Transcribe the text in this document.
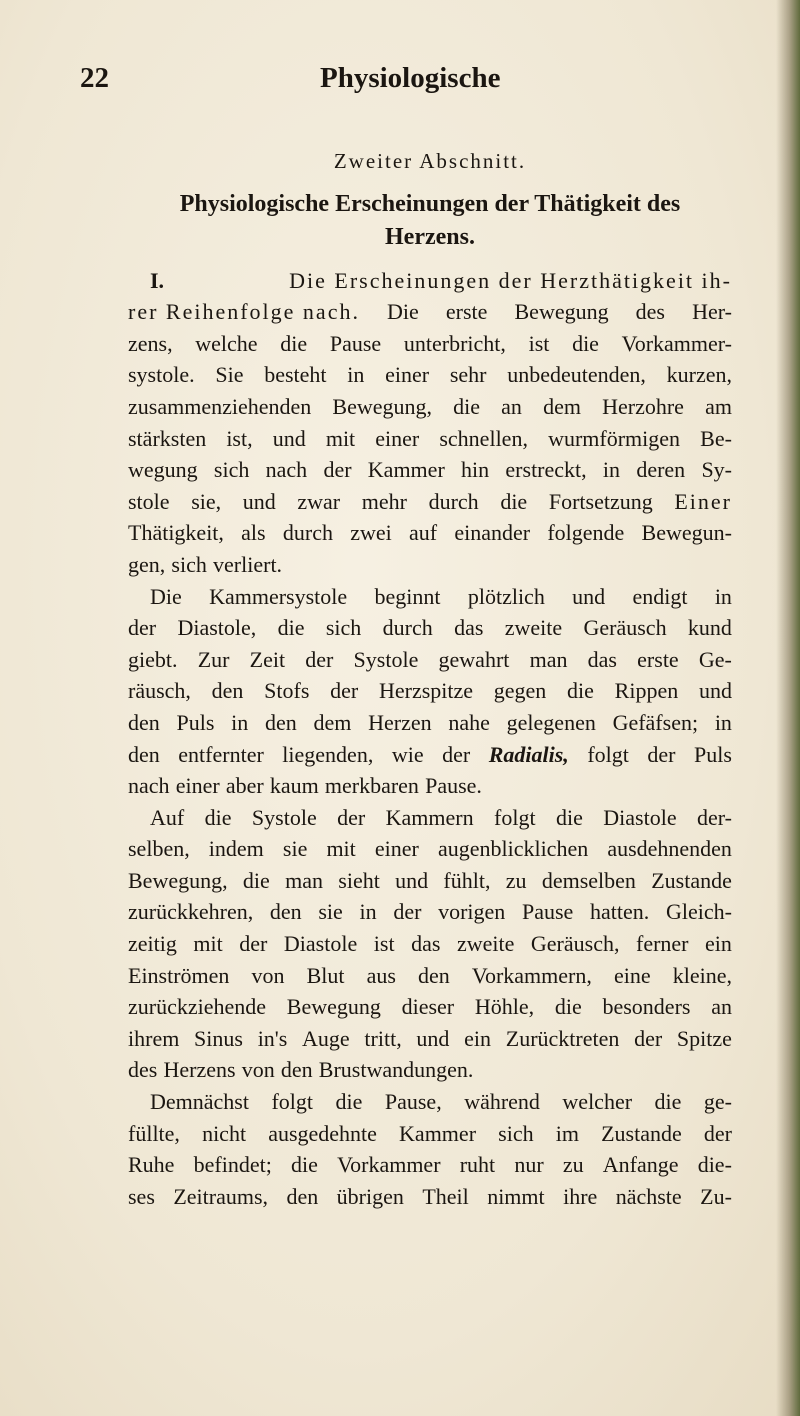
22	Physiologische

Zweiter Abschnitt.

Physiologische Erscheinungen der Thätigkeit des
Herzens.
I.	Die Erscheinungen der Herzthätigkeit ih-
rer Reihenfolge nach. Die erste Bewegung des Her-
zens, welche die Pause unterbricht, ist die Vorkammer-
systole. Sie besteht in einer sehr unbedeutenden, kurzen,
zusammenziehenden Bewegung, die an dem Herzohre am
stärksten ist, und mit einer schnellen, wurmförmigen Be-
wegung sich nach der Kammer hin erstreckt, in deren Sy-
stole sie, und zwar mehr durch die Fortsetzung Einer
Thätigkeit, als durch zwei auf einander folgende Bewegun-
gen, sich verliert.
Die Kammersystole beginnt plötzlich und endigt in
der Diastole, die sich durch das zweite Geräusch kund
giebt. Zur Zeit der Systole gewahrt man das erste Ge-
räusch, den Stofs der Herzspitze gegen die Rippen und
den Puls in den dem Herzen nahe gelegenen Gefäfsen; in
den entfernter liegenden, wie der Radialis, folgt der Puls
nach einer aber kaum merkbaren Pause.
Auf die Systole der Kammern folgt die Diastole der-
selben, indem sie mit einer augenblicklichen ausdehnenden
Bewegung, die man sieht und fühlt, zu demselben Zustande
zurückkehren, den sie in der vorigen Pause hatten. Gleich-
zeitig mit der Diastole ist das zweite Geräusch, ferner ein
Einströmen von Blut aus den Vorkammern, eine kleine,
zurückziehende Bewegung dieser Höhle, die besonders an
ihrem Sinus in's Auge tritt, und ein Zurücktreten der Spitze
des Herzens von den Brustwandungen.
Demnächst folgt die Pause, während welcher die ge-
füllte, nicht ausgedehnte Kammer sich im Zustande der
Ruhe befindet; die Vorkammer ruht nur zu Anfange die-
ses Zeitraums, den übrigen Theil nimmt ihre nächste Zu-
